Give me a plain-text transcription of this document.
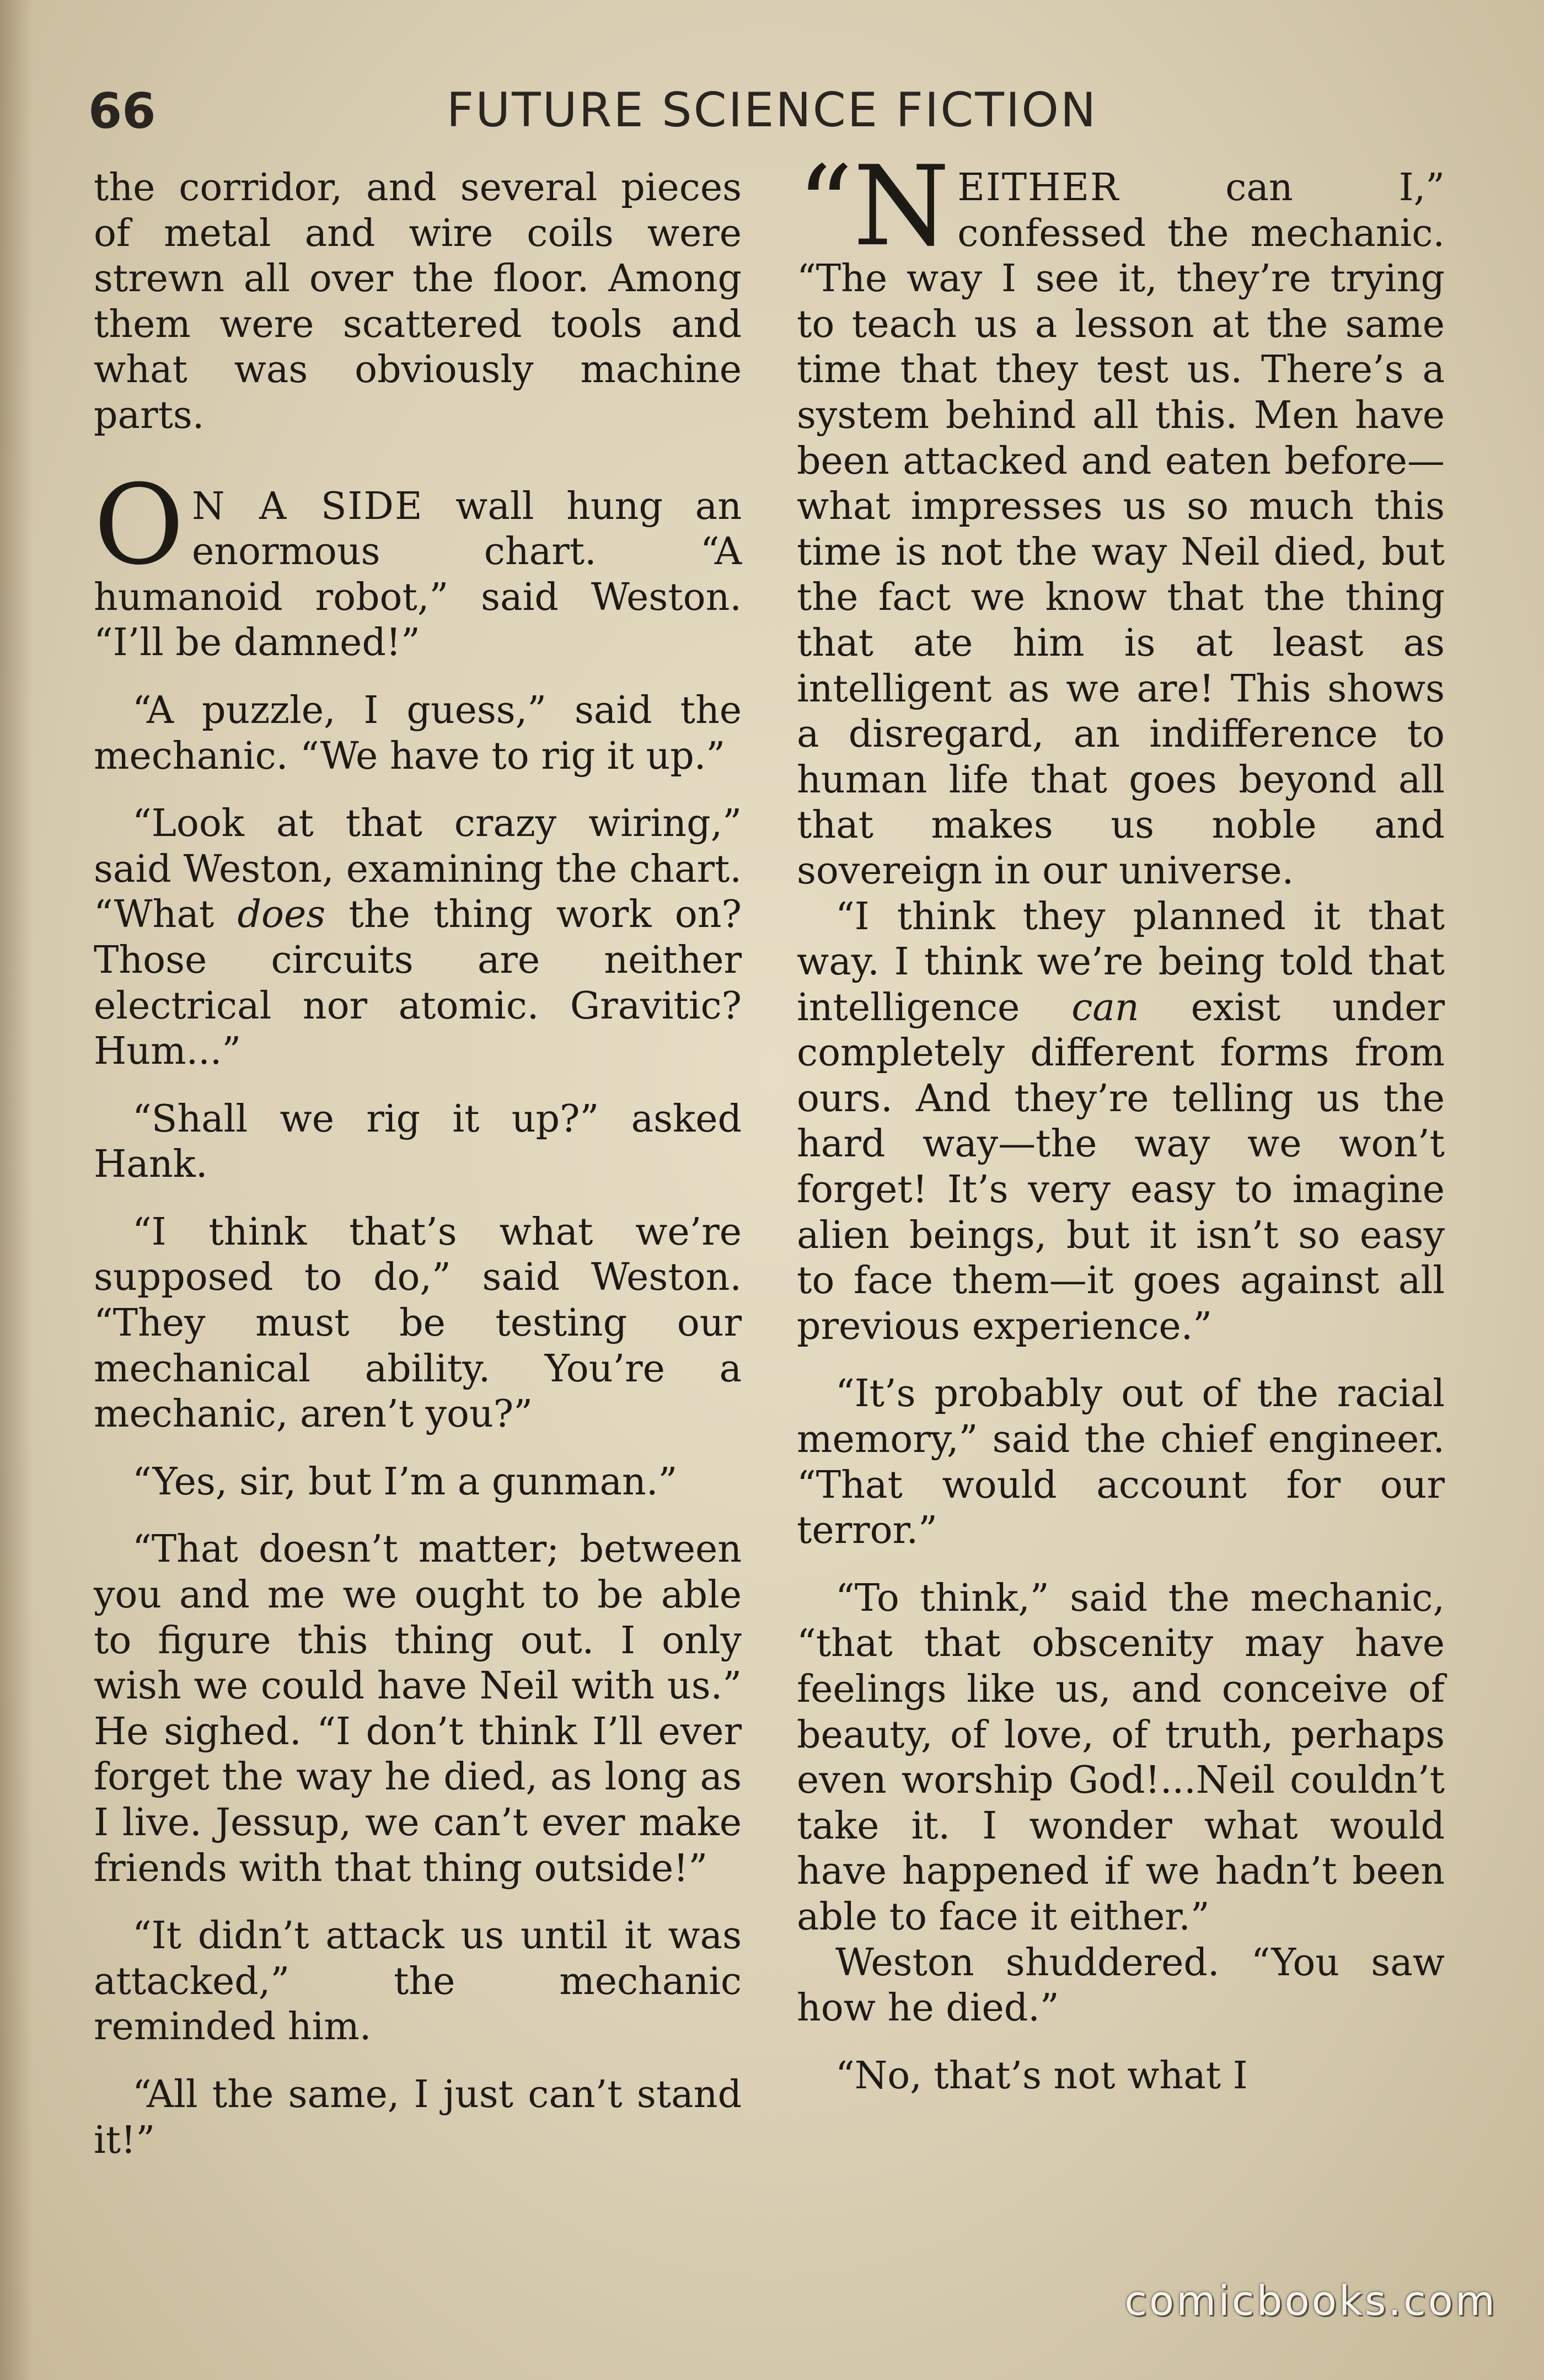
66	FUTURE SCIENCE FICTION

the corridor, and several pieces of metal and wire coils were strewn all over the floor. Among them were scattered tools and what was obviously machine parts.

O N A SIDE wall hung an enormous chart. “A humanoid robot,” said Weston. “I’ll be damned!”

“A puzzle, I guess,” said the mechanic. “We have to rig it up.”

“Look at that crazy wiring,” said Weston, examining the chart. “What does the thing work on? Those circuits are neither electrical nor atomic. Gravitic? Hum...”

“Shall we rig it up?” asked Hank.

“I think that’s what we’re supposed to do,” said Weston. “They must be testing our mechanical ability. You’re a mechanic, aren’t you?”

“Yes, sir, but I’m a gunman.”

“That doesn’t matter; between you and me we ought to be able to figure this thing out. I only wish we could have Neil with us.” He sighed. “I don’t think I’ll ever forget the way he died, as long as I live. Jessup, we can’t ever make friends with that thing outside!”

“It didn’t attack us until it was attacked,” the mechanic reminded him.

“All the same, I just can’t stand it!”

“NEITHER can I,” confessed the mechanic. “The way I see it, they’re trying to teach us a lesson at the same time that they test us. There’s a system behind all this. Men have been attacked and eaten before—what impresses us so much this time is not the way Neil died, but the fact we know that the thing that ate him is at least as intelligent as we are! This shows a disregard, an indifference to human life that goes beyond all that makes us noble and sovereign in our universe.

“I think they planned it that way. I think we’re being told that intelligence can exist under completely different forms from ours. And they’re telling us the hard way—the way we won’t forget! It’s very easy to imagine alien beings, but it isn’t so easy to face them—it goes against all previous experience.”

“It’s probably out of the racial memory,” said the chief engineer. “That would account for our terror.”

“To think,” said the mechanic, “that that obscenity may have feelings like us, and conceive of beauty, of love, of truth, perhaps even worship God!...Neil couldn’t take it. I wonder what would have happened if we hadn’t been able to face it either.”

Weston shuddered. “You saw how he died.”

“No, that’s not what I

comicbooks.com
